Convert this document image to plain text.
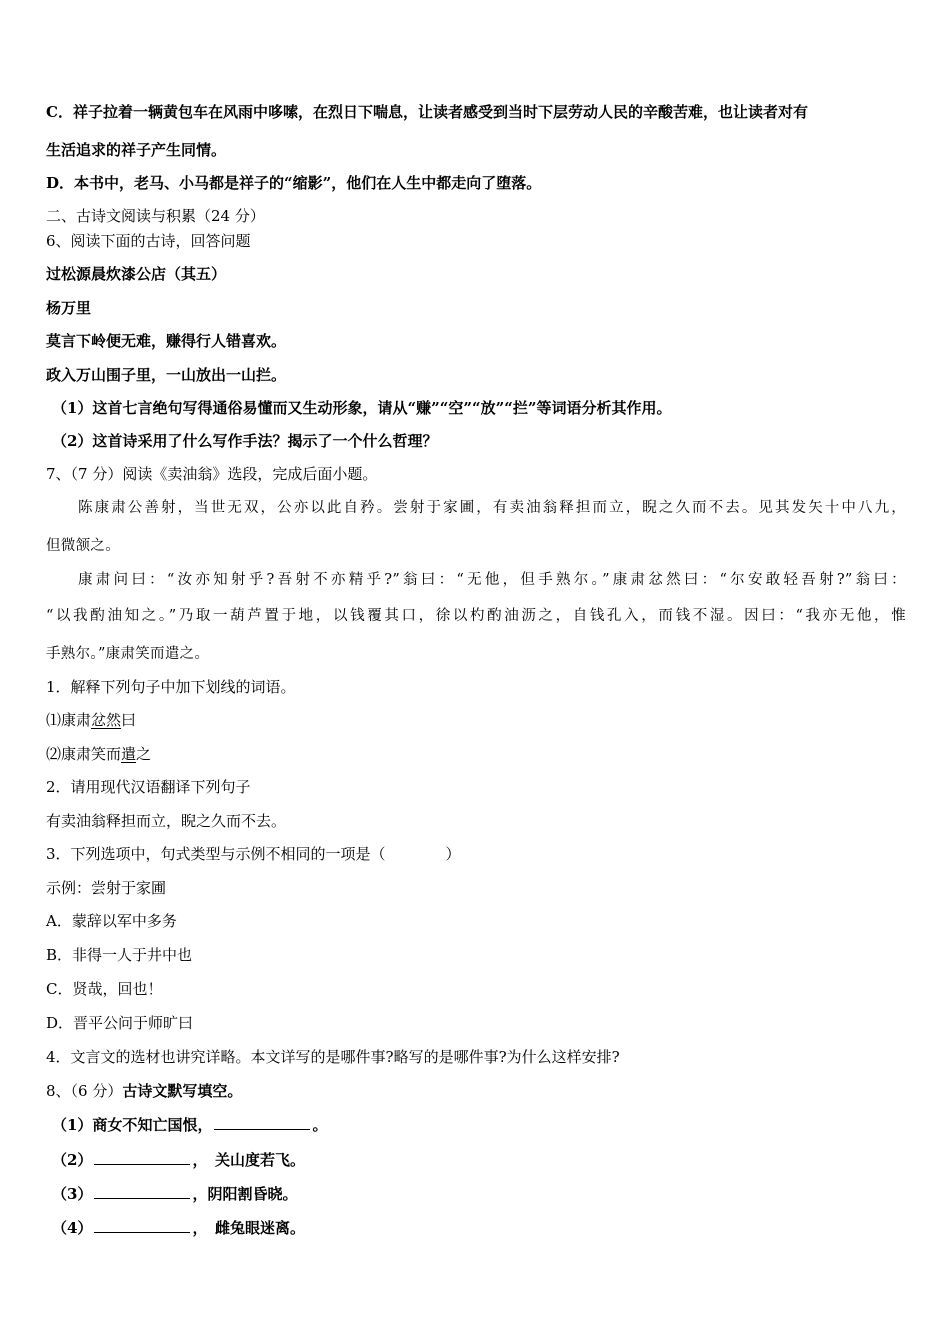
C．祥子拉着一辆黄包车在风雨中哆嗦，在烈日下喘息，让读者感受到当时下层劳动人民的辛酸苦难，也让读者对有
生活追求的祥子产生同情。
D．本书中，老马、小马都是祥子的“缩影”，他们在人生中都走向了堕落。
二、古诗文阅读与积累（24 分）
6、阅读下面的古诗，回答问题
过松源晨炊漆公店（其五）
杨万里
莫言下岭便无难，赚得行人错喜欢。
政入万山围子里，一山放出一山拦。
（1）这首七言绝句写得通俗易懂而又生动形象，请从“赚”“空”“放”“拦”等词语分析其作用。
（2）这首诗采用了什么写作手法？揭示了一个什么哲理？
7、（7 分）阅读《卖油翁》选段，完成后面小题。
陈康肃公善射，当世无双，公亦以此自矜。尝射于家圃，有卖油翁释担而立，睨之久而不去。见其发矢十中八九，
但微颔之。
康肃问曰：“汝亦知射乎?吾射不亦精乎?”翁曰：“无他，但手熟尔。”康肃忿然曰：“尔安敢轻吾射?”翁曰：
“以我酌油知之。”乃取一葫芦置于地，以钱覆其口，徐以杓酌油沥之，自钱孔入，而钱不湿。因曰：“我亦无他，惟
手熟尔。”康肃笑而遣之。
1．解释下列句子中加下划线的词语。
⑴康肃忿然曰
⑵康肃笑而遣之
2．请用现代汉语翻译下列句子
有卖油翁释担而立，睨之久而不去。
3．下列选项中，句式类型与示例不相同的一项是（　　　　）
示例：尝射于家圃
A．蒙辞以军中多务
B．非得一人于井中也
C．贤哉，回也！
D．晋平公问于师旷曰
4．文言文的选材也讲究详略。本文详写的是哪件事?略写的是哪件事?为什么这样安排?
8、（6 分）古诗文默写填空。
（1）商女不知亡国恨，	。
（2）	，　关山度若飞。
（3）	，阴阳割昏晓。
（4）	，　雌兔眼迷离。
